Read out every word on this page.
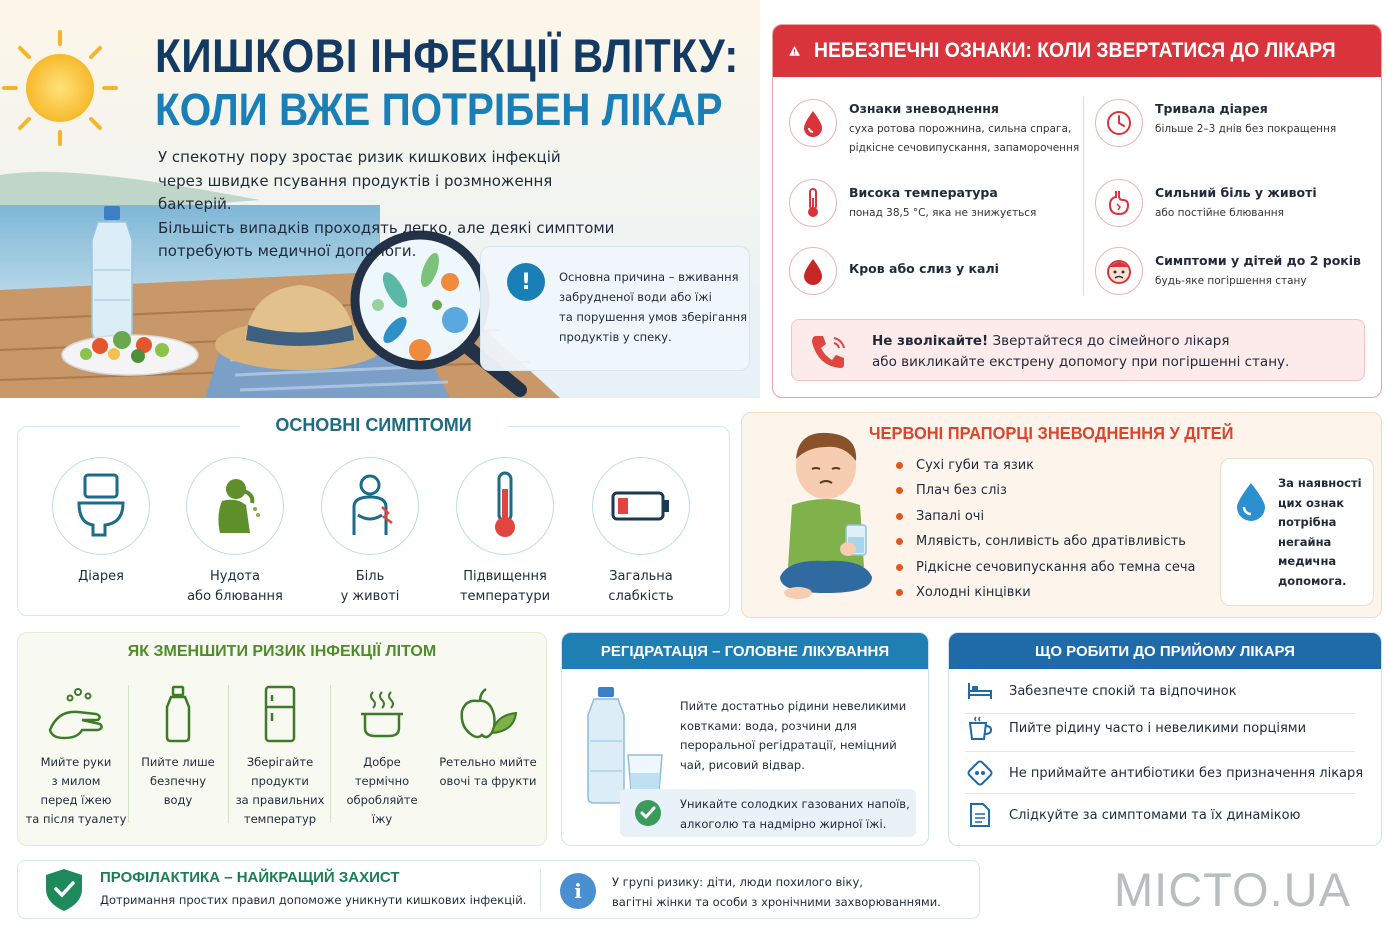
КИШКОВІ ІНФЕКЦІЇ ВЛІТКУ:
КОЛИ ВЖЕ ПОТРІБЕН ЛІКАР
У спекотну пору зростає ризик кишкових інфекцій
через швидке псування продуктів і розмноження бактерій.
Більшість випадків проходять легко, але деякі симптоми
потребують медичної допомоги.
!	Основна причина – вживання
забрудненої води або їжі
та порушення умов зберігання
продуктів у спеку.
НЕБЕЗПЕЧНІ ОЗНАКИ: КОЛИ ЗВЕРТАТИСЯ ДО ЛІКАРЯ
Ознаки зневоднення
суха ротова порожнина, сильна спрага,
рідкісне сечовипускання, запаморочення
Висока температура
понад 38,5 °C, яка не знижується
Кров або слиз у калі
Тривала діарея
більше 2–3 днів без покращення
Сильний біль у животі
або постійне блювання
Симптоми у дітей до 2 років
будь-яке погіршення стану
Не зволікайте! Звертайтеся до сімейного лікаря
або викликайте екстрену допомогу при погіршенні стану.
ОСНОВНІ СИМПТОМИ
Діарея	Нудота
або блювання
Біль
у животі
Підвищення
температури
Загальна
слабкість
ЧЕРВОНІ ПРАПОРЦІ ЗНЕВОДНЕННЯ У ДІТЕЙ
Сухі губи та язик
Плач без сліз
Запалі очі
Млявість, сонливість або дратівливість
Рідкісне сечовипускання або темна сеча
Холодні кінцівки
За наявності
цих ознак
потрібна
негайна
медична
допомога.
ЯК ЗМЕНШИТИ РИЗИК ІНФЕКЦІЇ ЛІТОМ
Мийте руки
з милом
перед їжею
та після туалету
Пийте лише
безпечну
воду
Зберігайте
продукти
за правильних
температур
Добре
термічно
обробляйте
їжу
Ретельно мийте
овочі та фрукти
РЕГІДРАТАЦІЯ – ГОЛОВНЕ ЛІКУВАННЯ
Пийте достатньо рідини невеликими
ковтками: вода, розчини для
пероральної регідратації, неміцний
чай, рисовий відвар.
Уникайте солодких газованих напоїв,
алкоголю та надмірно жирної їжі.
ЩО РОБИТИ ДО ПРИЙОМУ ЛІКАРЯ
Забезпечте спокій та відпочинок
Пийте рідину часто і невеликими порціями
Не приймайте антибіотики без призначення лікаря
Слідкуйте за симптомами та їх динамікою
ПРОФІЛАКТИКА – НАЙКРАЩИЙ ЗАХИСТ
Дотримання простих правил допоможе уникнути кишкових інфекцій.	i	У групі ризику: діти, люди похилого віку,
вагітні жінки та особи з хронічними захворюваннями.	MICTO.UA
